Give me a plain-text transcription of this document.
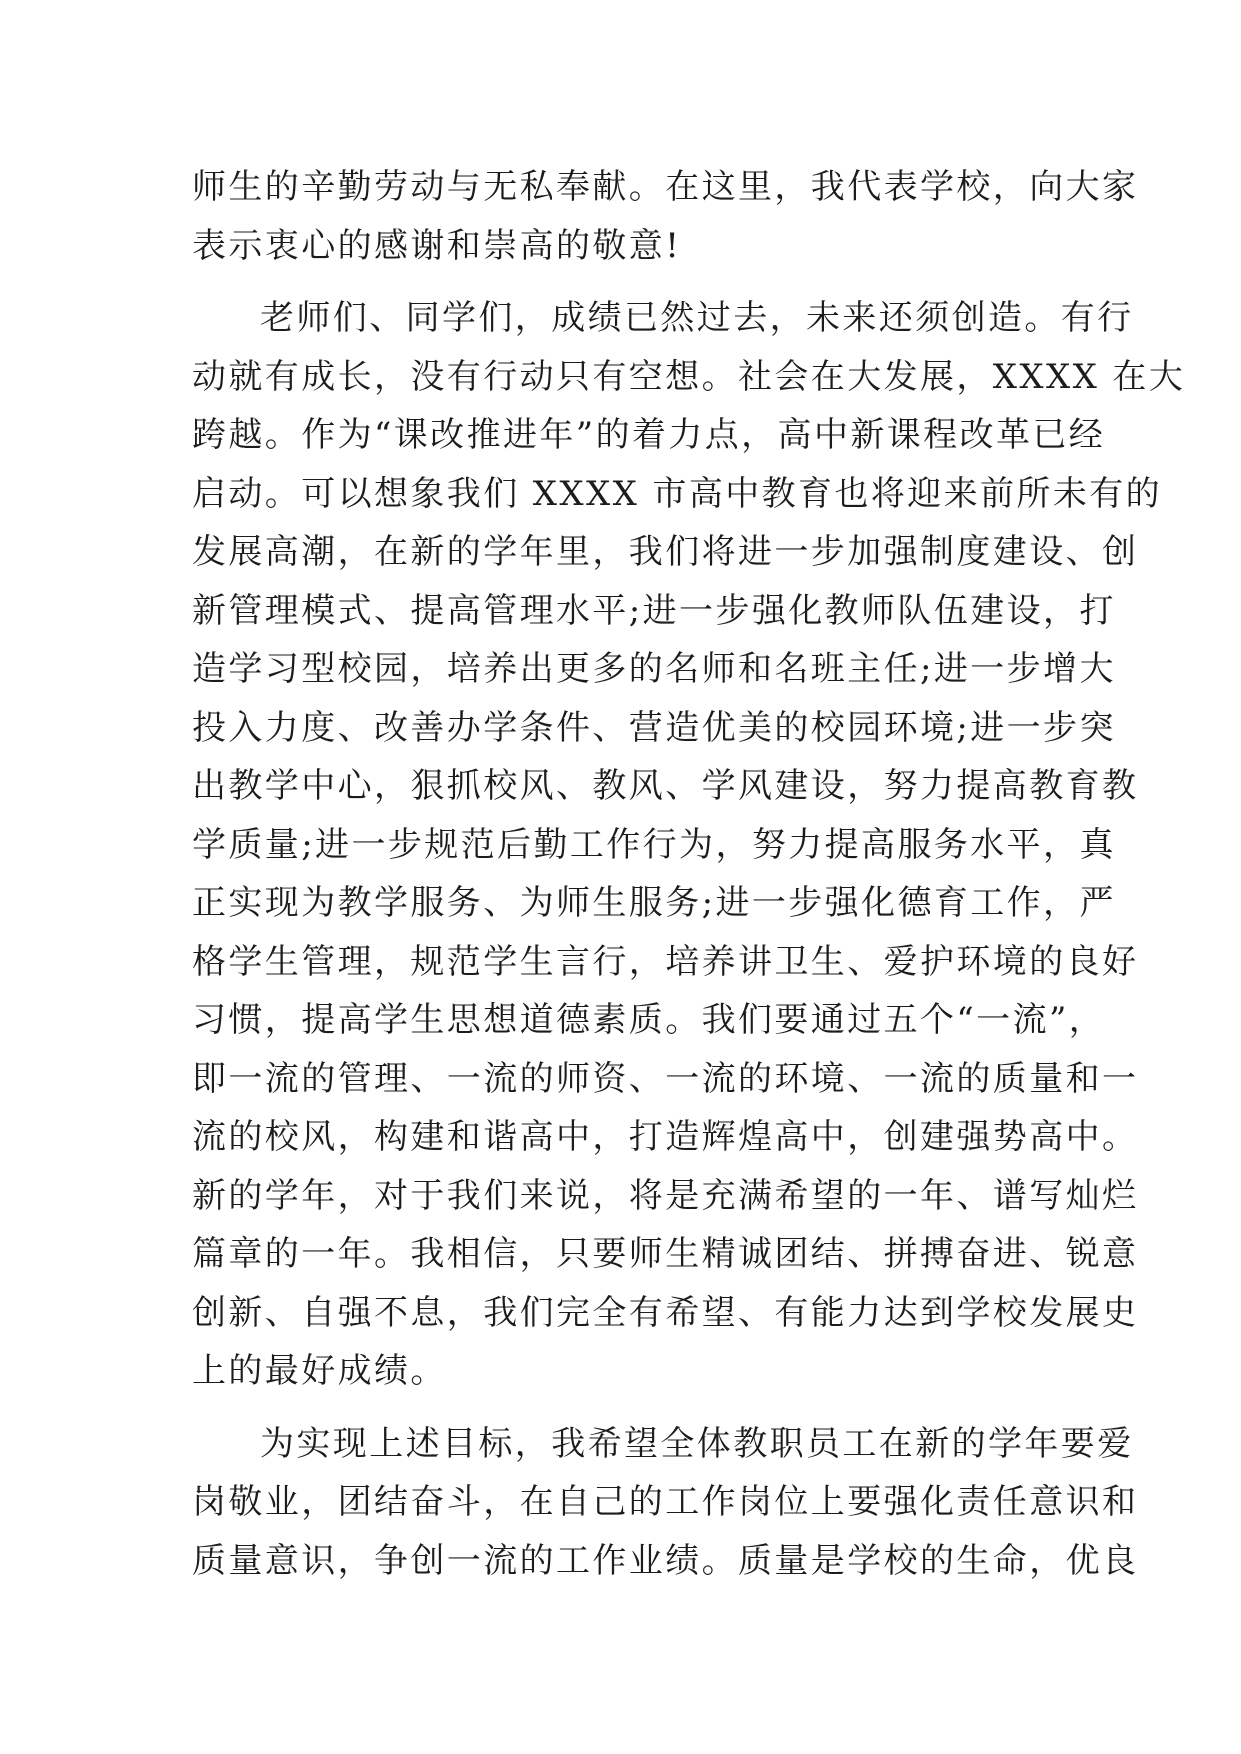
师生的辛勤劳动与无私奉献。在这里，我代表学校，向大家
表示衷心的感谢和崇高的敬意!
老师们、同学们，成绩已然过去，未来还须创造。有行
动就有成长，没有行动只有空想。社会在大发展，XXXX 在大
跨越。作为“课改推进年”的着力点，高中新课程改革已经
启动。可以想象我们 XXXX 市高中教育也将迎来前所未有的
发展高潮，在新的学年里，我们将进一步加强制度建设、创
新管理模式、提高管理水平;进一步强化教师队伍建设，打
造学习型校园，培养出更多的名师和名班主任;进一步增大
投入力度、改善办学条件、营造优美的校园环境;进一步突
出教学中心，狠抓校风、教风、学风建设，努力提高教育教
学质量;进一步规范后勤工作行为，努力提高服务水平，真
正实现为教学服务、为师生服务;进一步强化德育工作，严
格学生管理，规范学生言行，培养讲卫生、爱护环境的良好
习惯，提高学生思想道德素质。我们要通过五个“一流”，
即一流的管理、一流的师资、一流的环境、一流的质量和一
流的校风，构建和谐高中，打造辉煌高中，创建强势高中。
新的学年，对于我们来说，将是充满希望的一年、谱写灿烂
篇章的一年。我相信，只要师生精诚团结、拼搏奋进、锐意
创新、自强不息，我们完全有希望、有能力达到学校发展史
上的最好成绩。
为实现上述目标，我希望全体教职员工在新的学年要爱
岗敬业，团结奋斗，在自己的工作岗位上要强化责任意识和
质量意识，争创一流的工作业绩。质量是学校的生命，优良
